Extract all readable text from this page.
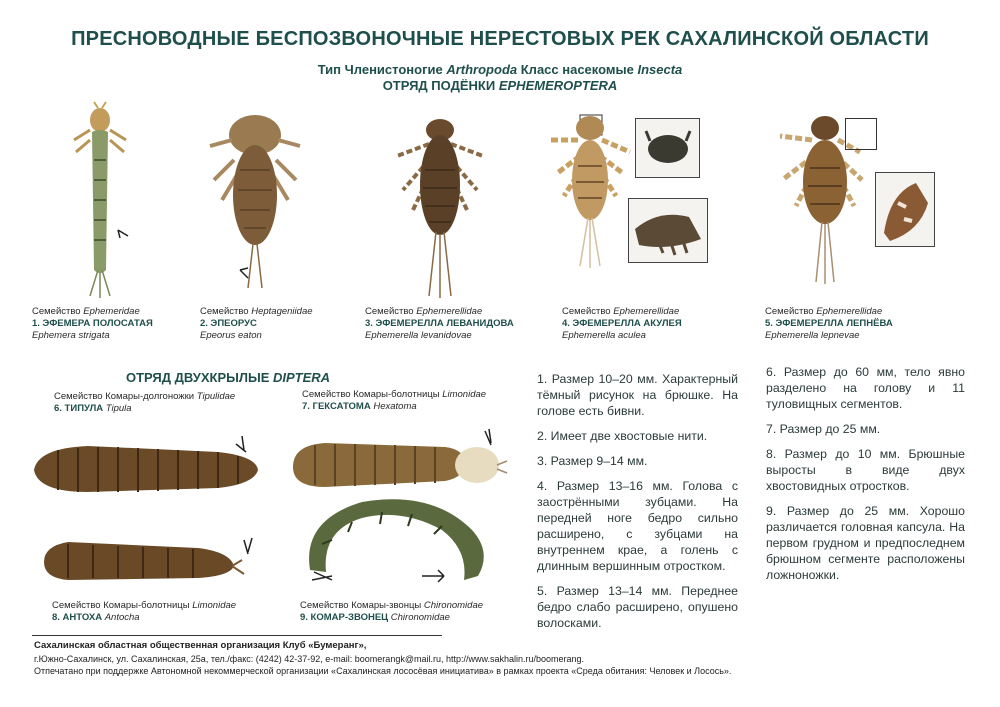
ПРЕСНОВОДНЫЕ БЕСПОЗВОНОЧНЫЕ НЕРЕСТОВЫХ РЕК САХАЛИНСКОЙ ОБЛАСТИ
Тип Членистоногие Arthropoda Класс насекомые Insecta
ОТРЯД ПОДЁНКИ EPHEMEROPTERA
Семейство Ephemeridae
1. ЭФЕМЕРА ПОЛОСАТАЯ
Ephemera strigata
Семейство Heptageniidae
2. ЭПЕОРУС
Epeorus eaton
Семейство Ephemerellidae
3. ЭФЕМЕРЕЛЛА ЛЕВАНИДОВА
Ephemerella levanidovae
Семейство Ephemerellidae
4. ЭФЕМЕРЕЛЛА АКУЛЕЯ
Ephemerella aculea
Семейство Ephemerellidae
5. ЭФЕМЕРЕЛЛА ЛЕПНЁВА
Ephemerella lepnevae
ОТРЯД ДВУХКРЫЛЫЕ DIPTERA
Семейство Комары-долгоножки Tipulidae
6. ТИПУЛА Tipula
Семейство Комары-болотницы Limonidae
7. ГЕКСАТОМА Hexatoma
Семейство Комары-болотницы Limonidae
8. АНТОХА Antocha
Семейство Комары-звонцы Chironomidae
9. КОМАР-ЗВОНЕЦ Chironomidae

1. Размер 10–20 мм. Характерный тёмный рисунок на брюшке. На голове есть бивни.

2. Имеет две хвостовые нити.

3. Размер 9–14 мм.

4. Размер 13–16 мм. Голова с заострёнными зубцами. На передней ноге бедро сильно расширено, с зубцами на внутреннем крае, а голень с длинным вершинным отростком.

5. Размер 13–14 мм. Переднее бедро слабо расширено, опушено волосками.

6. Размер до 60 мм, тело явно разделено на голову и 11 туловищных сегментов.

7. Размер до 25 мм.

8. Размер до 10 мм. Брюшные выросты в виде двух хвостовидных отростков.

9. Размер до 25 мм. Хорошо различается головная капсула. На первом грудном и предпоследнем брюшном сегменте расположены ложноножки.

Сахалинская областная общественная организация Клуб «Бумеранг»,
г.Южно-Сахалинск, ул. Сахалинская, 25а, тел./факс: (4242) 42-37-92, e-mail: boomerangk@mail.ru, http://www.sakhalin.ru/boomerang.
Отпечатано при поддержке Автономной некоммерческой организации «Сахалинская лососёвая инициатива» в рамках проекта «Среда обитания: Человек и Лосось».
